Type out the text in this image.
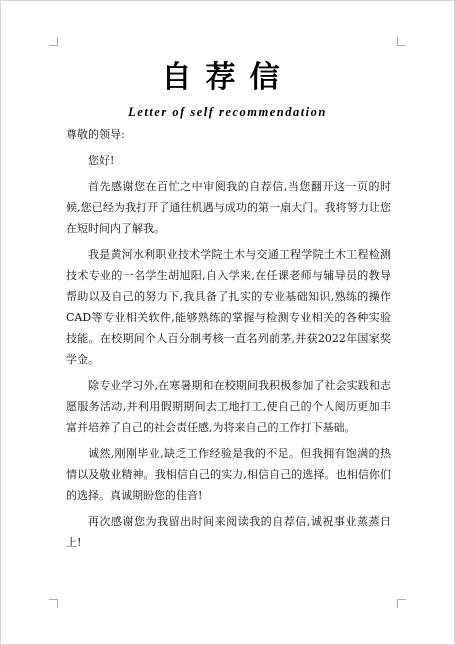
自荐信
Letter of self recommendation

尊敬的领导:

您好!

首先感谢您在百忙之中审阅我的自荐信,当您翻开这一页的时候,您已经为我打开了通往机遇与成功的第一扇大门。我将努力让您在短时间内了解我。

我是黄河水利职业技术学院土木与交通工程学院土木工程检测技术专业的一名学生胡旭阳,自入学来,在任课老师与辅导员的教导帮助以及自己的努力下,我具备了扎实的专业基础知识,熟练的操作CAD等专业相关软件,能够熟练的掌握与检测专业相关的各种实验技能。在校期间个人百分制考核一直名列前茅,并获2022年国家奖学金。

除专业学习外,在寒暑期和在校期间我积极参加了社会实践和志愿服务活动,并利用假期期间去工地打工,使自己的个人阅历更加丰富并培养了自己的社会责任感,为将来自己的工作打下基础。

诚然,刚刚毕业,缺乏工作经验是我的不足。但我拥有饱满的热情以及敬业精神。我相信自己的实力,相信自己的选择。也相信你们的选择。真诚期盼您的佳音!

再次感谢您为我留出时间来阅读我的自荐信,诚祝事业蒸蒸日上!
